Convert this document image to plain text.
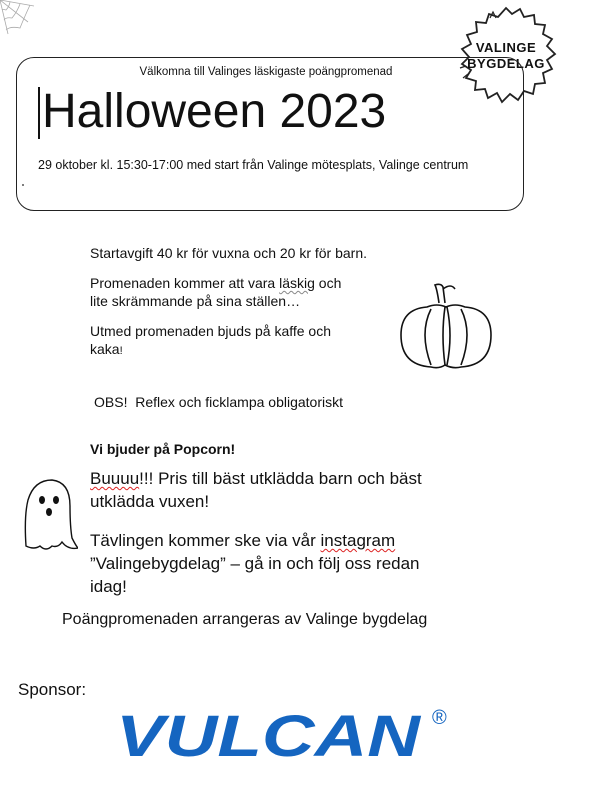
VALINGE
BYGDELAG
Välkomna till Valinges läskigaste poängpromenad
Halloween 2023
29 oktober kl. 15:30-17:00 med start från Valinge mötesplats, Valinge centrum
Startavgift 40 kr för vuxna och 20 kr för barn.
Promenaden kommer att vara läskig och
lite skrämmande på sina ställen…
Utmed promenaden bjuds på kaffe och
kaka!
OBS!  Reflex och ficklampa obligatoriskt
Vi bjuder på Popcorn!
Buuuu!!! Pris till bäst utklädda barn och bäst
utklädda vuxen!
Tävlingen kommer ske via vår instagram
”Valingebygdelag” – gå in och följ oss redan
idag!
Poängpromenaden arrangeras av Valinge bygdelag
Sponsor:
VULCAN ®
